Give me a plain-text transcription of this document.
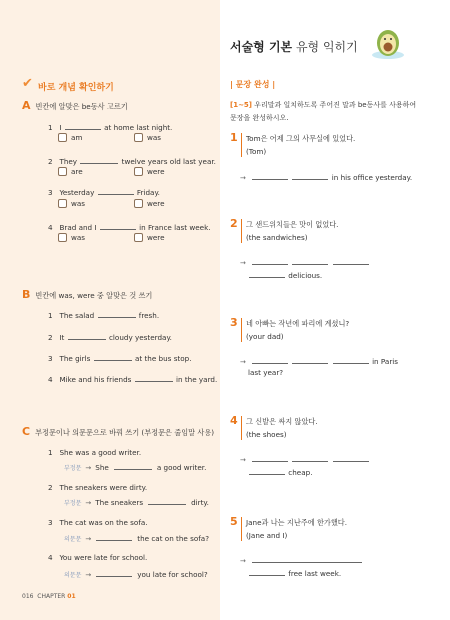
서술형 기본 유형 익히기
✔ 바로 개념 확인하기
A 빈칸에 알맞은 be동사 고르기
1 I	at home last night.
am	was
2 They	twelve years old last year.
are	were
3 Yesterday	Friday.
was	were
4 Brad and I	in France last week.
was	were
B 빈칸에 was, were 중 알맞은 것 쓰기
1 The salad	fresh.
2 It	cloudy yesterday.
3 The girls	at the bus stop.
4 Mike and his friends	in the yard.
C 부정문이나 의문문으로 바꿔 쓰기 (부정문은 줄임말 사용)
1 She was a good writer.
부정문 → She	a good writer.
2 The sneakers were dirty.
부정문 → The sneakers	dirty.
3 The cat was on the sofa.
의문문 →	the cat on the sofa?
4 You were late for school.
의문문 →	you late for school?
016 CHAPTER 01
| 문장 완성 |
[1~5] 우리말과 일치하도록 주어진 말과 be동사를 사용하여
문장을 완성하시오.
1 Tom은 어제 그의 사무실에 있었다.
(Tom)
→	in his office yesterday.
2 그 샌드위치들은 맛이 없었다.
(the sandwiches)
→
delicious.
3 네 아빠는 작년에 파리에 계셨니?
(your dad)
→	in Paris
last year?
4 그 신발은 싸지 않았다.
(the shoes)
→
cheap.
5 Jane과 나는 지난주에 한가했다.
(Jane and I)
→
free last week.
